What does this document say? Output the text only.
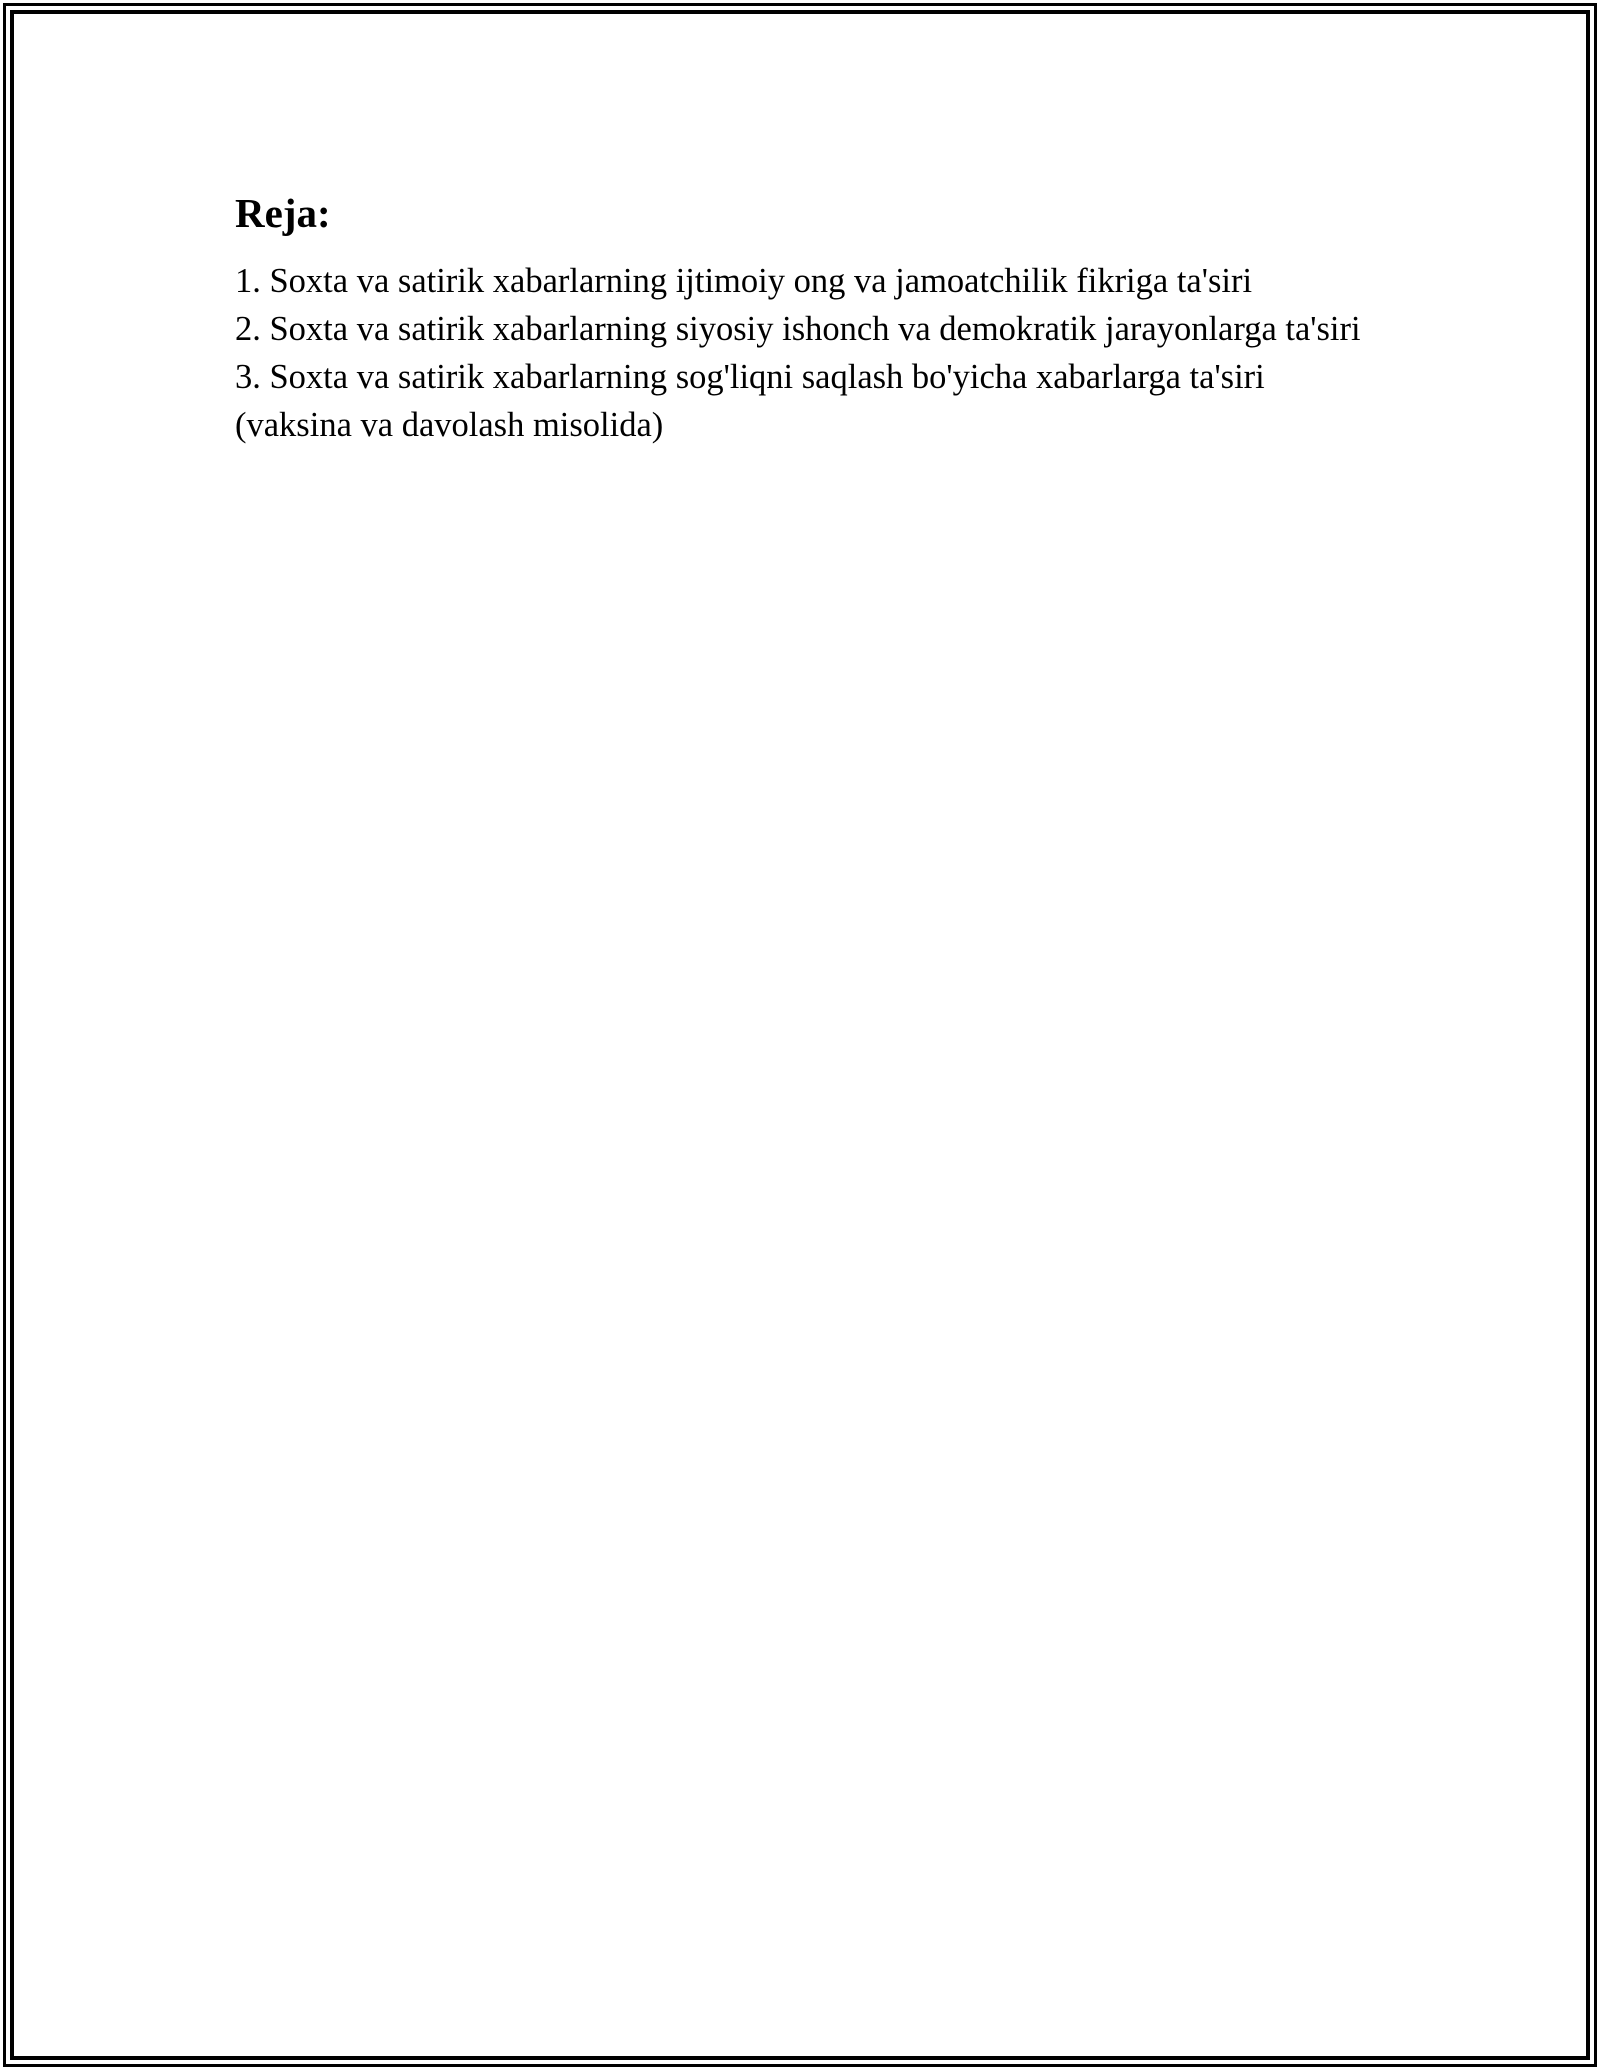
Reja:
1. Soxta va satirik xabarlarning ijtimoiy ong va jamoatchilik fikriga ta'siri
2. Soxta va satirik xabarlarning siyosiy ishonch va demokratik jarayonlarga ta'siri
3. Soxta va satirik xabarlarning sog'liqni saqlash bo'yicha xabarlarga ta'siri (vaksina va davolash misolida)
